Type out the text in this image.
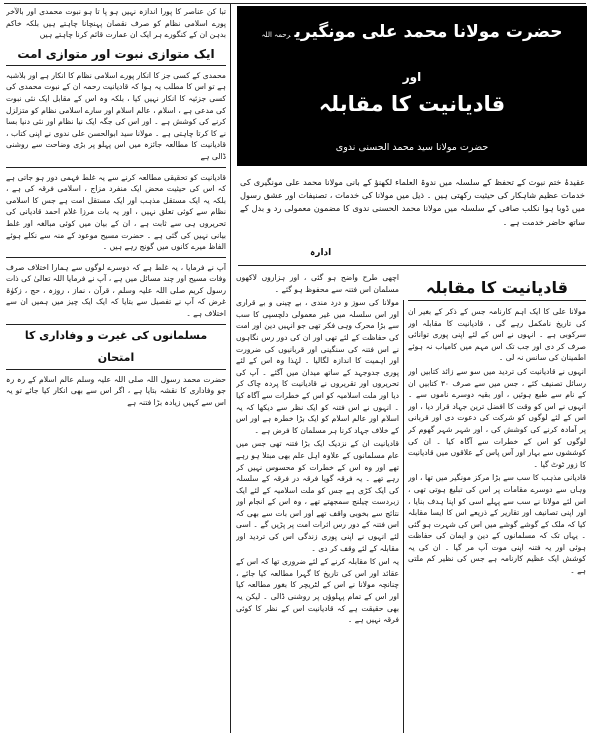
حضرت مولانا محمد علی مونگیریرحمہ اللہ
اور
قادیانیت کا مقابلہ
حضرت مولانا سید محمد الحسنی ندوی
عقیدۂ ختم نبوت کے تحفظ کے سلسلہ میں ندوۃ العلماء لکھنؤ کے بانی مولانا محمد علی مونگیری کی خدمات عظیم شاہکار کی حیثیت رکھتی ہیں ۔ ذیل میں مولانا کی خدمات ، تصنیفات اور عشق رسول میں ڈوبا ہوا نکلب صافی کے سلسلہ میں مولانا محمد الحسنی ندوی کا مضمون معمولی رد و بدل کے ساتھ حاضر خدمت ہے ۔
ادارہ

تبا کن عناصر کا پورا اندازہ نہیں ہو پا تا ہو نبوت محمدی اور بالآخر پورے اسلامی نظام کو صرف نقصان پہنچانا چاہتے ہیں بلکہ خاکم بدہن ان کے کنگورے ہر ایک ان عمارت قائم کرنا چاہتے ہیں

ایک متوازی نبوت اور متوازی امت

محمدی کے کسی جز کا انکار پورے اسلامی نظام کا انکار ہے اور بلاشبہ ہے تو اس کا مطلب یہ ہوا کہ قادیانیت رحمہ ان کے نبوت محمدی کی کسی جزئیہ کا انکار نہیں کیا ، بلکہ وہ اس کے مقابل ایک نئی نبوت کی مدعی ہے ، اسلام ، عالم اسلام اور سارے اسلامی نظام کو متزلزل کرنے کی کوشش ہے ۔ اور اس کی جگہ ایک نیا نظام اور نئی دنیا بسا نے کا کرتا چاہتی ہے ۔ مولانا سید ابوالحسن علی ندوی نے اپنی کتاب ، قادیانیت کا مطالعہ جائزہ میں اس پہلو پر بڑی وضاحت سے روشنی ڈالی ہے

قادیانیت کو تحقیقی مطالعہ کرنے سے یہ غلط فہمی دور ہو جاتی ہے کہ اس کی حیثیت محض ایک منفرد مزاج ، اسلامی فرقہ کی ہے ، بلکہ یہ ایک مستقل مذہب اور ایک مستقل امت ہے جس کا اسلامی نظام سے کوئی تعلق نہیں ، اور یہ بات مرزا غلام احمد قادیانی کی تحریروں ہی سے ثابت ہے ، ان کے بیان میں کوئی مبالغہ اور غلط بیانی نہیں کی گئی ہے ۔ حضرت مسیح موعود کے منہ سے نکلے ہوئے الفاظ میرے کانوں میں گونج رہے ہیں ۔

آپ نے فرمایا ، یہ غلط ہے کہ دوسرے لوگوں سے ہمارا اختلاف صرف وفات مسیح اور چند مسائل میں ہے ، آپ نے فرمایا اللہ تعالیٰ کی ذات رسول کریم صلی اللہ علیہ وسلم ، قرآن ، نماز ، روزہ ، حج ، زکوٰۃ غرض کہ آپ نے تفصیل سے بتایا کہ ایک ایک چیز میں ہمیں ان سے اختلاف ہے ۔

مسلمانوں کی غیرت و وفاداری کا امتحان

حضرت محمد رسول اللہ صلی اللہ علیہ وسلم عالم اسلام کے رہ رہ جو وفاداری کا نقشہ بتایا ہے ، اگر اس سے بھی انکار کیا جائے تو یہ اس سے کہیں زیادہ بڑا فتنہ ہے

اچھی طرح واضح ہو گئی ، اور ہزاروں لاکھوں مسلمان اس فتنہ سے محفوظ ہو گئے ۔

مولانا کی سوز و درد مندی ، بے چینی و بے قراری اور اس سلسلہ میں غیر معمولی دلچسپی کا سب سے بڑا محرک وہی فکر تھی جو انہیں دین اور امت کی حفاظت کے لئے تھی اور ان کی دور رس نگاہوں نے اس فتنہ کی سنگینی اور قربانیوں کی ضرورت اور اہمیت کا اندازہ لگالیا ۔ لہٰذا وہ اس کے لئے پوری جدوجہد کے ساتھ میدان میں آگئے ۔ آپ کی تحریروں اور تقریروں نے قادیانیت کا پردہ چاک کر دیا اور ملت اسلامیہ کو اس کے خطرات سے آگاہ کیا ۔ انہوں نے اس فتنہ کو ایک نظر سے دیکھا کہ یہ اسلام اور عالم اسلام کو ایک بڑا خطرہ ہے اور اس کے خلاف جہاد کرنا ہر مسلمان کا فرض ہے ۔

قادیانیت ان کے نزدیک ایک بڑا فتنہ تھی جس میں عام مسلمانوں کے علاوہ اہل علم بھی مبتلا ہو رہے تھے اور وہ اس کے خطرات کو محسوس نہیں کر رہے تھے ۔ یہ فرقہ گویا فرقہ در فرقہ کے سلسلہ کی ایک کڑی ہے جس کو ملت اسلامیہ کے لئے ایک زبردست چیلنج سمجھتے تھے ، وہ اس کے انجام اور نتائج سے بخوبی واقف تھے اور اس بات سے بھی کہ اس فتنہ کے دور رس اثرات امت پر پڑیں گے ۔ اسی لئے انہوں نے اپنی پوری زندگی اس کی تردید اور مقابلہ کے لئے وقف کر دی ۔

یہ اس کا مقابلہ کرنے کے لئے ضروری تھا کہ اس کے عقائد اور اس کی تاریخ کا گہرا مطالعہ کیا جائے ، چنانچہ مولانا نے اس کے لٹریچر کا بغور مطالعہ کیا اور اس کے تمام پہلوؤں پر روشنی ڈالی ۔ لیکن یہ بھی حقیقت ہے کہ قادیانیت اس کے نظر کا کوئی فرقہ نہیں ہے ۔

قادیانیت کا مقابلہ

مولانا علی کا ایک اہم کارنامہ جس کے ذکر کے بغیر ان کی تاریخ نامکمل رہے گی ، قادیانیت کا مقابلہ اور سرکوبی ہے ۔ انہوں نے اس کے لئے اپنی پوری توانائی صرف کر دی اور جب تک اس مہم میں کامیاب نہ ہوئے اطمینان کی سانس نہ لی ۔

انہوں نے قادیانیت کی تردید میں سو سے زائد کتابیں اور رسائل تصنیف کئے ، جس میں سے صرف ۳۰ کتابیں ان کے نام سے طبع ہوئیں ، اور بقیہ دوسرے ناموں سے ۔ انہوں نے اس کو وقت کا افضل ترین جہاد قرار دیا ، اور اس کے لئے لوگوں کو شرکت کی دعوت دی اور قربانی پر آمادہ کرنے کی کوشش کی ، اور شہر شہر گھوم کر لوگوں کو اس کے خطرات سے آگاہ کیا ۔ ان کی کوششوں سے بہار اور آس پاس کے علاقوں میں قادیانیت کا زور ٹوٹ گیا ۔

قادیانی مذہب کا سب سے بڑا مرکز مونگیر میں تھا ، اور وہاں سے دوسرے مقامات پر اس کی تبلیغ ہوتی تھی ، اس لئے مولانا نے سب سے پہلے اسی کو اپنا ہدف بنایا ، اور اپنی تصانیف اور تقاریر کے ذریعے اس کا ایسا مقابلہ کیا کہ ملک کے گوشے گوشے میں اس کی شہرت ہو گئی ۔ یہاں تک کہ مسلمانوں کے دین و ایمان کی حفاظت ہوئی اور یہ فتنہ اپنی موت آپ مر گیا ۔ ان کی یہ کوشش ایک عظیم کارنامہ ہے جس کی نظیر کم ملتی ہے ۔
